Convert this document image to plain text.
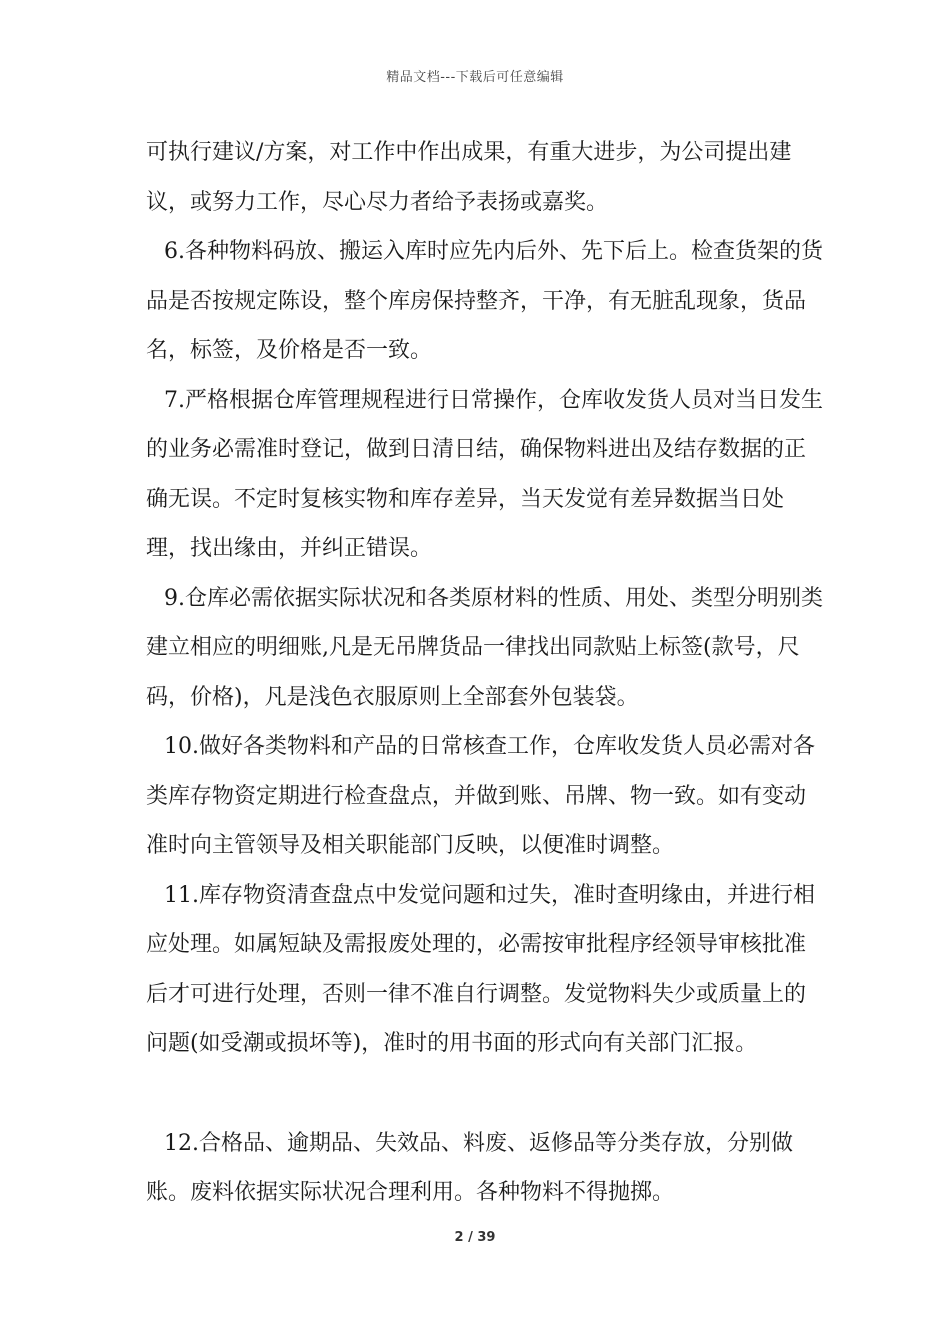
精品文档---下载后可任意编辑

可执行建议/方案，对工作中作出成果，有重大进步，为公司提出建议，或努力工作，尽心尽力者给予表扬或嘉奖。

6.各种物料码放、搬运入库时应先内后外、先下后上。检查货架的货品是否按规定陈设，整个库房保持整齐，干净，有无脏乱现象，货品名，标签，及价格是否一致。

7.严格根据仓库管理规程进行日常操作，仓库收发货人员对当日发生的业务必需准时登记，做到日清日结，确保物料进出及结存数据的正确无误。不定时复核实物和库存差异，当天发觉有差异数据当日处理，找出缘由，并纠正错误。

9.仓库必需依据实际状况和各类原材料的性质、用处、类型分明别类建立相应的明细账,凡是无吊牌货品一律找出同款贴上标签(款号，尺码，价格)，凡是浅色衣服原则上全部套外包装袋。

10.做好各类物料和产品的日常核查工作，仓库收发货人员必需对各类库存物资定期进行检查盘点，并做到账、吊牌、物一致。如有变动准时向主管领导及相关职能部门反映，以便准时调整。

11.库存物资清查盘点中发觉问题和过失，准时查明缘由，并进行相应处理。如属短缺及需报废处理的，必需按审批程序经领导审核批准后才可进行处理，否则一律不准自行调整。发觉物料失少或质量上的问题(如受潮或损坏等)，准时的用书面的形式向有关部门汇报。

12.合格品、逾期品、失效品、料废、返修品等分类存放，分别做账。废料依据实际状况合理利用。各种物料不得抛掷。

2 / 39
